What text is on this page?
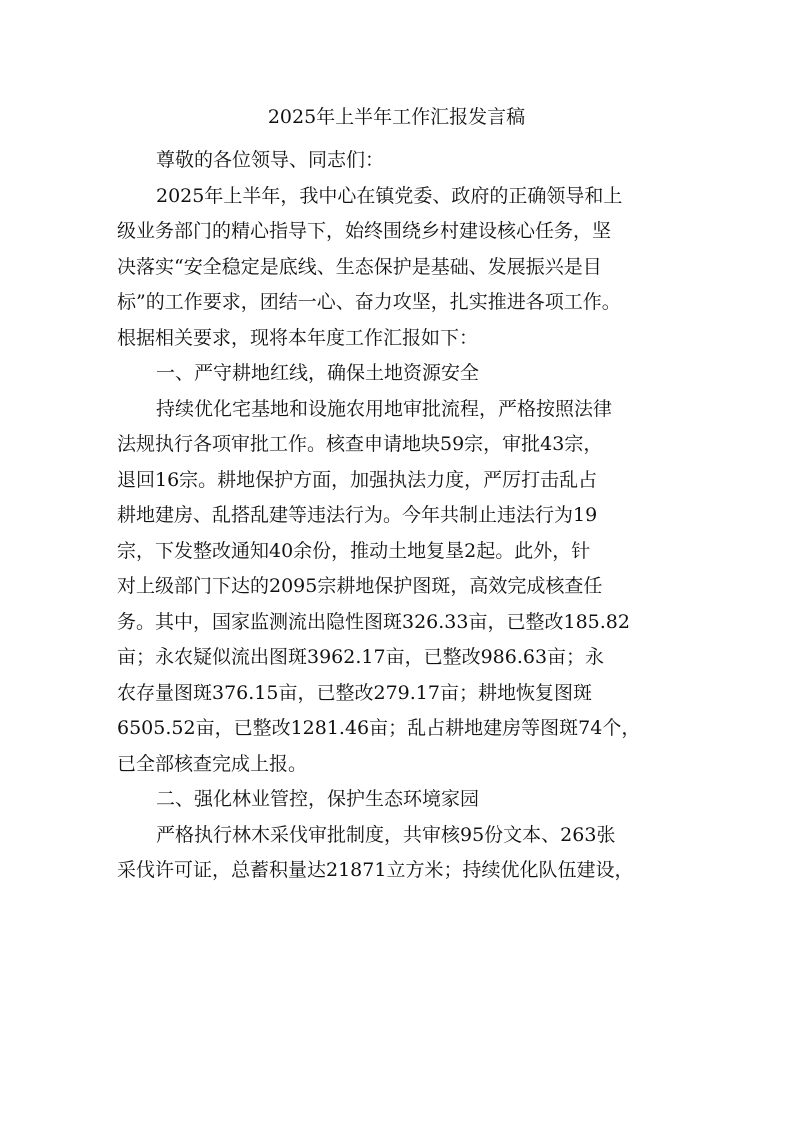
2025年上半年工作汇报发言稿
尊敬的各位领导、同志们：
2025年上半年，我中心在镇党委、政府的正确领导和上
级业务部门的精心指导下，始终围绕乡村建设核心任务，坚
决落实“安全稳定是底线、生态保护是基础、发展振兴是目
标”的工作要求，团结一心、奋力攻坚，扎实推进各项工作。
根据相关要求，现将本年度工作汇报如下：
一、严守耕地红线，确保土地资源安全
持续优化宅基地和设施农用地审批流程，严格按照法律
法规执行各项审批工作。核查申请地块59宗，审批43宗，
退回16宗。耕地保护方面，加强执法力度，严厉打击乱占
耕地建房、乱搭乱建等违法行为。今年共制止违法行为19
宗，下发整改通知40余份，推动土地复垦2起。此外，针
对上级部门下达的2095宗耕地保护图斑，高效完成核查任
务。其中，国家监测流出隐性图斑326.33亩，已整改185.82
亩；永农疑似流出图斑3962.17亩，已整改986.63亩；永
农存量图斑376.15亩，已整改279.17亩；耕地恢复图斑
6505.52亩，已整改1281.46亩；乱占耕地建房等图斑74个，
已全部核查完成上报。
二、强化林业管控，保护生态环境家园
严格执行林木采伐审批制度，共审核95份文本、263张
采伐许可证，总蓄积量达21871立方米；持续优化队伍建设，
